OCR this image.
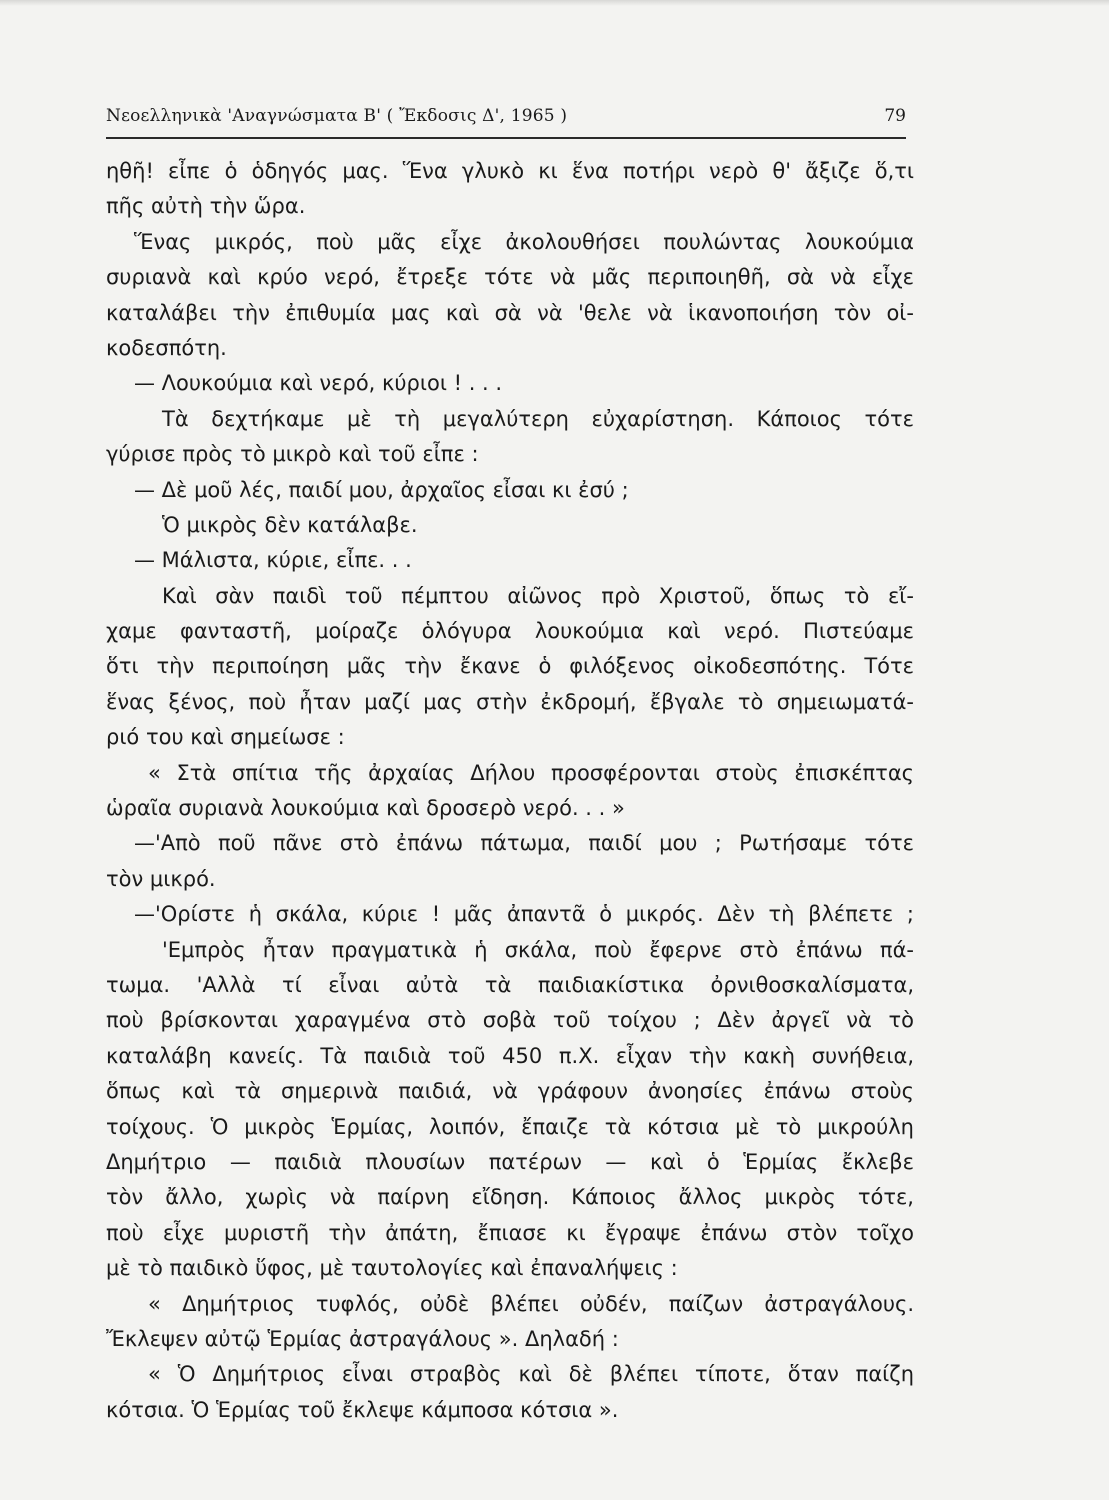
Νεοελληνικὰ 'Αναγνώσματα Β' ( Ἔκδοσις Δ', 1965 )	79
ηθῆ! εἶπε ὁ ὁδηγός μας. Ἕνα γλυκὸ κι ἕνα ποτήρι νερὸ θ' ἄξιζε ὅ,τι
πῆς αὐτὴ τὴν ὥρα.
Ἕνας μικρός, ποὺ μᾶς εἶχε ἀκολουθήσει πουλώντας λουκούμια
συριανὰ καὶ κρύο νερό, ἔτρεξε τότε νὰ μᾶς περιποιηθῆ, σὰ νὰ εἶχε
καταλάβει τὴν ἐπιθυμία μας καὶ σὰ νὰ 'θελε νὰ ἱκανοποιήση τὸν οἰ-
κοδεσπότη.
— Λουκούμια καὶ νερό, κύριοι ! . . .
Τὰ δεχτήκαμε μὲ τὴ μεγαλύτερη εὐχαρίστηση. Κάποιος τότε
γύρισε πρὸς τὸ μικρὸ καὶ τοῦ εἶπε :
— Δὲ μοῦ λές, παιδί μου, ἀρχαῖος εἶσαι κι ἐσύ ;
Ὁ μικρὸς δὲν κατάλαβε.
— Μάλιστα, κύριε, εἶπε. . .
Καὶ σὰν παιδὶ τοῦ πέμπτου αἰῶνος πρὸ Χριστοῦ, ὅπως τὸ εἴ-
χαμε φανταστῆ, μοίραζε ὁλόγυρα λουκούμια καὶ νερό. Πιστεύαμε
ὅτι τὴν περιποίηση μᾶς τὴν ἔκανε ὁ φιλόξενος οἰκοδεσπότης. Τότε
ἕνας ξένος, ποὺ ἦταν μαζί μας στὴν ἐκδρομή, ἔβγαλε τὸ σημειωματά-
ριό του καὶ σημείωσε :
« Στὰ σπίτια τῆς ἀρχαίας Δήλου προσφέρονται στοὺς ἐπισκέπτας
ὡραῖα συριανὰ λουκούμια καὶ δροσερὸ νερό. . . »
—'Απὸ ποῦ πᾶνε στὸ ἐπάνω πάτωμα, παιδί μου ; Ρωτήσαμε τότε
τὸν μικρό.
—'Ορίστε ἡ σκάλα, κύριε ! μᾶς ἀπαντᾶ ὁ μικρός. Δὲν τὴ βλέπετε ;
'Εμπρὸς ἦταν πραγματικὰ ἡ σκάλα, ποὺ ἔφερνε στὸ ἐπάνω πά-
τωμα. 'Αλλὰ τί εἶναι αὐτὰ τὰ παιδιακίστικα ὀρνιθοσκαλίσματα,
ποὺ βρίσκονται χαραγμένα στὸ σοβὰ τοῦ τοίχου ; Δὲν ἀργεῖ νὰ τὸ
καταλάβη κανείς. Τὰ παιδιὰ τοῦ 450 π.Χ. εἶχαν τὴν κακὴ συνήθεια,
ὅπως καὶ τὰ σημερινὰ παιδιά, νὰ γράφουν ἀνοησίες ἐπάνω στοὺς
τοίχους. Ὁ μικρὸς Ἑρμίας, λοιπόν, ἔπαιζε τὰ κότσια μὲ τὸ μικρούλη
Δημήτριο — παιδιὰ πλουσίων πατέρων — καὶ ὁ Ἑρμίας ἔκλεβε
τὸν ἄλλο, χωρὶς νὰ παίρνη εἴδηση. Κάποιος ἄλλος μικρὸς τότε,
ποὺ εἶχε μυριστῆ τὴν ἀπάτη, ἔπιασε κι ἔγραψε ἐπάνω στὸν τοῖχο
μὲ τὸ παιδικὸ ὕφος, μὲ ταυτολογίες καὶ ἐπαναλήψεις :
« Δημήτριος τυφλός, οὐδὲ βλέπει οὐδέν, παίζων ἀστραγάλους.
Ἔκλεψεν αὐτῷ Ἑρμίας ἀστραγάλους ». Δηλαδή :
« Ὁ Δημήτριος εἶναι στραβὸς καὶ δὲ βλέπει τίποτε, ὅταν παίζη
κότσια. Ὁ Ἑρμίας τοῦ ἔκλεψε κάμποσα κότσια ».
